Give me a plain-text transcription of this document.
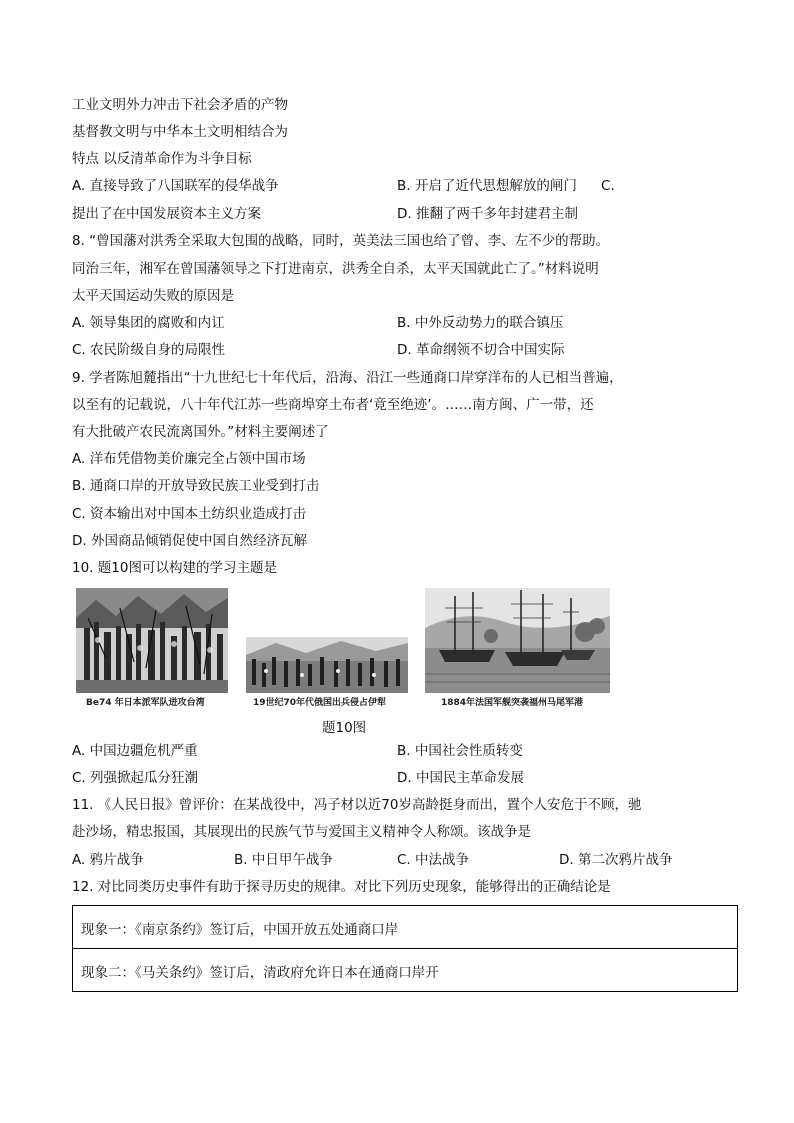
工业文明外力冲击下社会矛盾的产物
基督教文明与中华本土文明相结合为
特点 以反清革命作为斗争目标
A. 直接导致了八国联军的侵华战争	B. 开启了近代思想解放的闸门 C.
提出了在中国发展资本主义方案	D. 推翻了两千多年封建君主制
8. “曾国藩对洪秀全采取大包围的战略，同时，英美法三国也给了曾、李、左不少的帮助。
同治三年，湘军在曾国藩领导之下打进南京，洪秀全自杀，太平天国就此亡了。”材料说明
太平天国运动失败的原因是
A. 领导集团的腐败和内讧	B. 中外反动势力的联合镇压
C. 农民阶级自身的局限性	D. 革命纲领不切合中国实际
9. 学者陈旭麓指出“十九世纪七十年代后，沿海、沿江一些通商口岸穿洋布的人已相当普遍，
以至有的记载说，八十年代江苏一些商埠穿土布者‘竟至绝迹’。……南方闽、广一带，还
有大批破产农民流离国外。”材料主要阐述了
A. 洋布凭借物美价廉完全占领中国市场
B. 通商口岸的开放导致民族工业受到打击
C. 资本输出对中国本土纺织业造成打击
D. 外国商品倾销促使中国自然经济瓦解
10. 题10图可以构建的学习主题是
Be74 年日本派军队进攻台湾	19世纪70年代俄国出兵侵占伊犁	1884年法国军舰突袭福州马尾军港
题10图
A. 中国边疆危机严重	B. 中国社会性质转变
C. 列强掀起瓜分狂潮	D. 中国民主革命发展
11. 《人民日报》曾评价：在某战役中，冯子材以近70岁高龄挺身而出，置个人安危于不顾，驰
赴沙场，精忠报国，其展现出的民族气节与爱国主义精神令人称颂。该战争是
A. 鸦片战争	B. 中日甲午战争	C. 中法战争	D. 第二次鸦片战争
12. 对比同类历史事件有助于探寻历史的规律。对比下列历史现象，能够得出的正确结论是
现象一：《南京条约》签订后，中国开放五处通商口岸
现象二：《马关条约》签订后，清政府允许日本在通商口岸开
